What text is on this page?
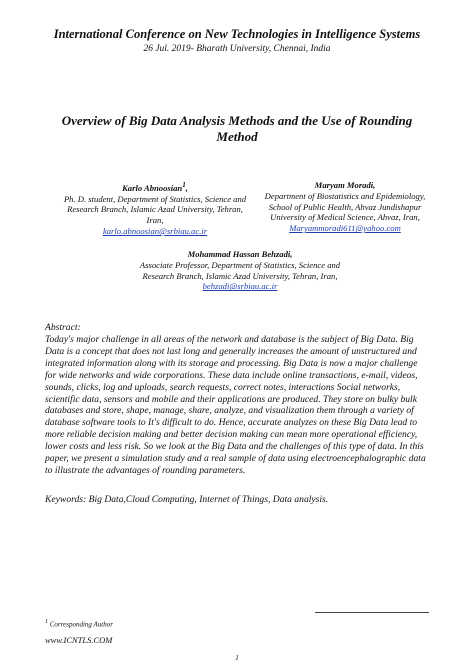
International Conference on New Technologies in Intelligence Systems
26 Jul. 2019- Bharath University, Chennai, India
Overview of Big Data Analysis Methods and the Use of Rounding
Method
Karlo Abnoosian$^1$,
Ph. D. student, Department of Statistics, Science and
Research Branch, Islamic Azad University, Tehran,
Iran,
karlo.abnoosian@srbiau.ac.ir
Maryam Moradi,
Department of Biostatistics and Epidemiology,
School of Public Health, Ahvaz Jundishapur
University of Medical Science, Ahvaz, Iran,
Maryammoradi611@yahoo.com
Mohammad Hassan Behzadi,
Associate Professor, Department of Statistics, Science and
Research Branch, Islamic Azad University, Tehran, Iran,
behzadi@srbiau.ac.ir
Abstract:
Today's major challenge in all areas of the network and database is the subject of Big Data. Big
Data is a concept that does not last long and generally increases the amount of unstructured and
integrated information along with its storage and processing. Big Data is now a major challenge
for wide networks and wide corporations. These data include online transactions, e-mail, videos,
sounds, clicks, log and uploads, search requests, correct notes, interactions Social networks,
scientific data, sensors and mobile and their applications are produced. They store on bulky bulk
databases and store, shape, manage, share, analyze, and visualization them through a variety of
database software tools to It's difficult to do. Hence, accurate analyzes on these Big Data lead to
more reliable decision making and better decision making can mean more operational efficiency,
lower costs and less risk. So we look at the Big Data and the challenges of this type of data. In this
paper, we present a simulation study and a real sample of data using electroencephalographic data
to illustrate the advantages of rounding parameters.
Keywords: Big Data,Cloud Computing, Internet of Things, Data analysis.
$^1$ Corresponding Author
www.ICNTLS.COM
1
